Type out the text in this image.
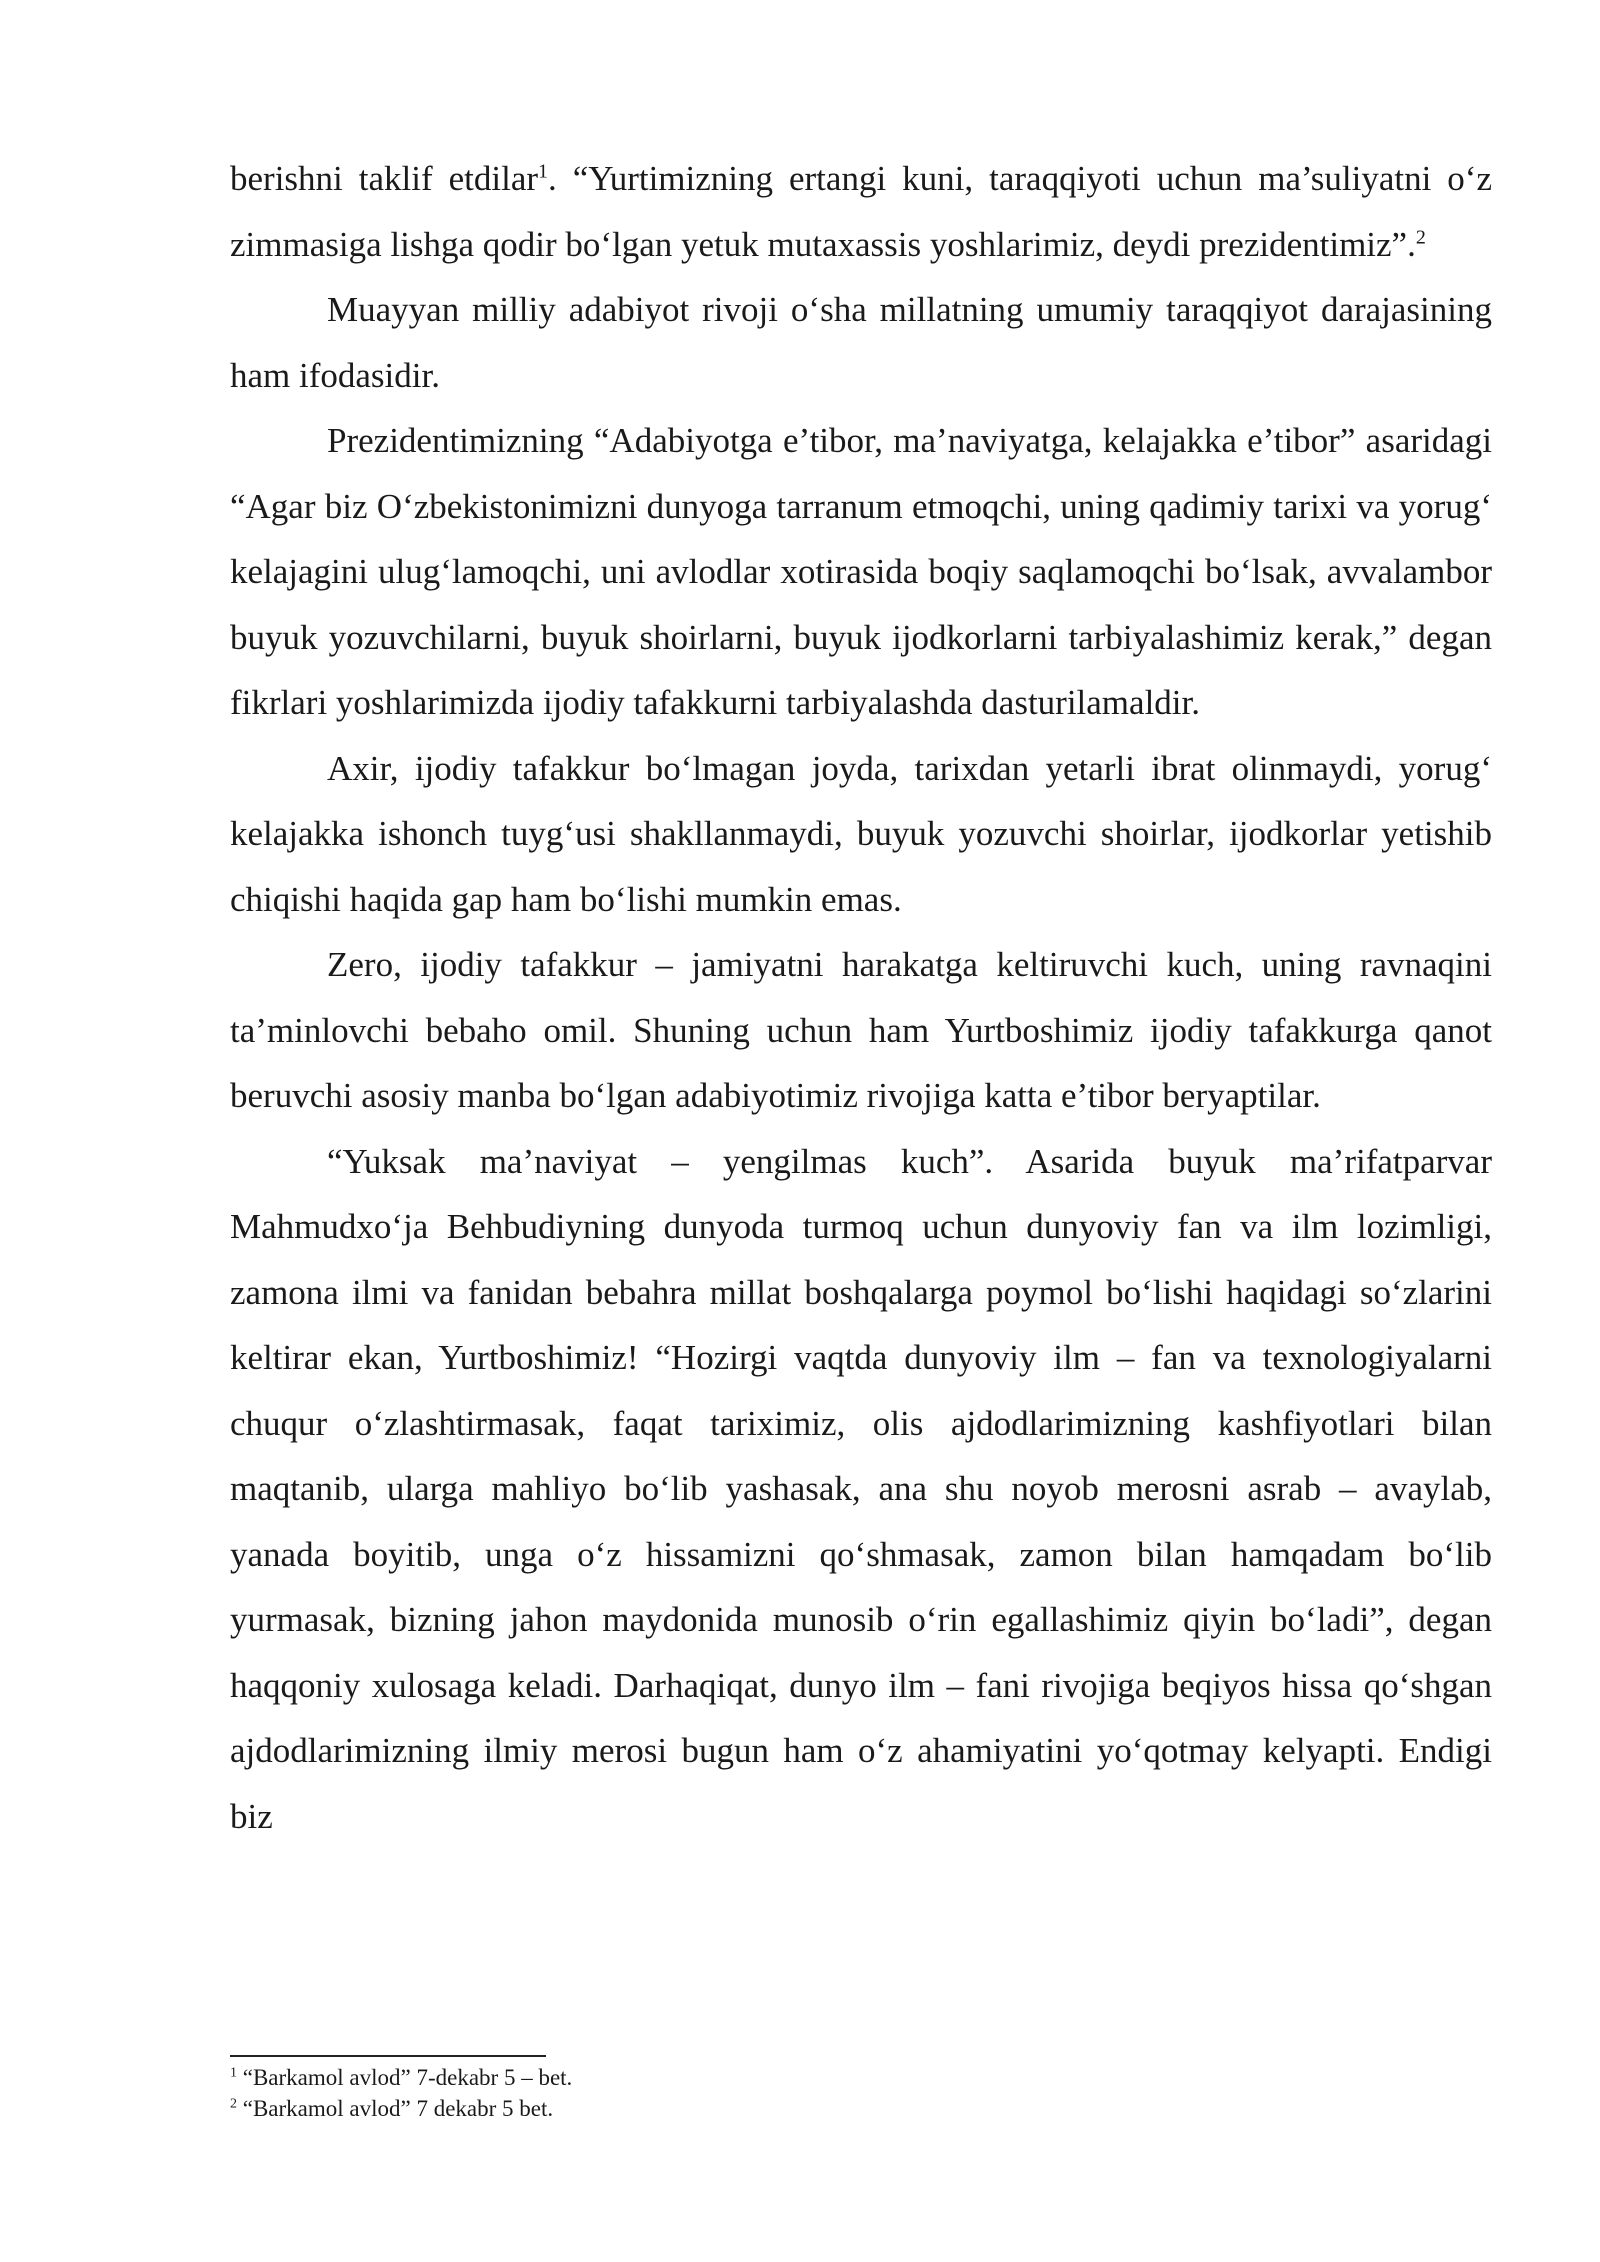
berishni taklif etdilar$^1$. “Yurtimizning ertangi kuni, taraqqiyoti uchun ma’suliyatni o‘z zimmasiga lishga qodir bo‘lgan yetuk mutaxassis yoshlarimiz, deydi prezidentimiz”.$^2$

Muayyan milliy adabiyot rivoji o‘sha millatning umumiy taraqqiyot darajasining ham ifodasidir.

Prezidentimizning “Adabiyotga e’tibor, ma’naviyatga, kelajakka e’tibor” asaridagi “Agar biz O‘zbekistonimizni dunyoga tarranum etmoqchi, uning qadimiy tarixi va yorug‘ kelajagini ulug‘lamoqchi, uni avlodlar xotirasida boqiy saqlamoqchi bo‘lsak, avvalambor buyuk yozuvchilarni, buyuk shoirlarni, buyuk ijodkorlarni tarbiyalashimiz kerak,” degan fikrlari yoshlarimizda ijodiy tafakkurni tarbiyalashda dasturilamaldir.

Axir, ijodiy tafakkur bo‘lmagan joyda, tarixdan yetarli ibrat olinmaydi, yorug‘ kelajakka ishonch tuyg‘usi shakllanmaydi, buyuk yozuvchi shoirlar, ijodkorlar yetishib chiqishi haqida gap ham bo‘lishi mumkin emas.

Zero, ijodiy tafakkur – jamiyatni harakatga keltiruvchi kuch, uning ravnaqini ta’minlovchi bebaho omil. Shuning uchun ham Yurtboshimiz ijodiy tafakkurga qanot beruvchi asosiy manba bo‘lgan adabiyotimiz rivojiga katta e’tibor beryaptilar.

“Yuksak ma’naviyat – yengilmas kuch”. Asarida buyuk ma’rifatparvar Mahmudxo‘ja Behbudiyning dunyoda turmoq uchun dunyoviy fan va ilm lozimligi, zamona ilmi va fanidan bebahra millat boshqalarga poymol bo‘lishi haqidagi so‘zlarini keltirar ekan, Yurtboshimiz! “Hozirgi vaqtda dunyoviy ilm – fan va texnologiyalarni chuqur o‘zlashtirmasak, faqat tariximiz, olis ajdodlarimizning kashfiyotlari bilan maqtanib, ularga mahliyo bo‘lib yashasak, ana shu noyob merosni asrab – avaylab, yanada boyitib, unga o‘z hissamizni qo‘shmasak, zamon bilan hamqadam bo‘lib yurmasak, bizning jahon maydonida munosib o‘rin egallashimiz qiyin bo‘ladi”, degan haqqoniy xulosaga keladi. Darhaqiqat, dunyo ilm – fani rivojiga beqiyos hissa qo‘shgan ajdodlarimizning ilmiy merosi bugun ham o‘z ahamiyatini yo‘qotmay kelyapti. Endigi biz

$^1$ “Barkamol avlod” 7-dekabr 5 – bet.

$^2$ “Barkamol avlod” 7 dekabr 5 bet.
